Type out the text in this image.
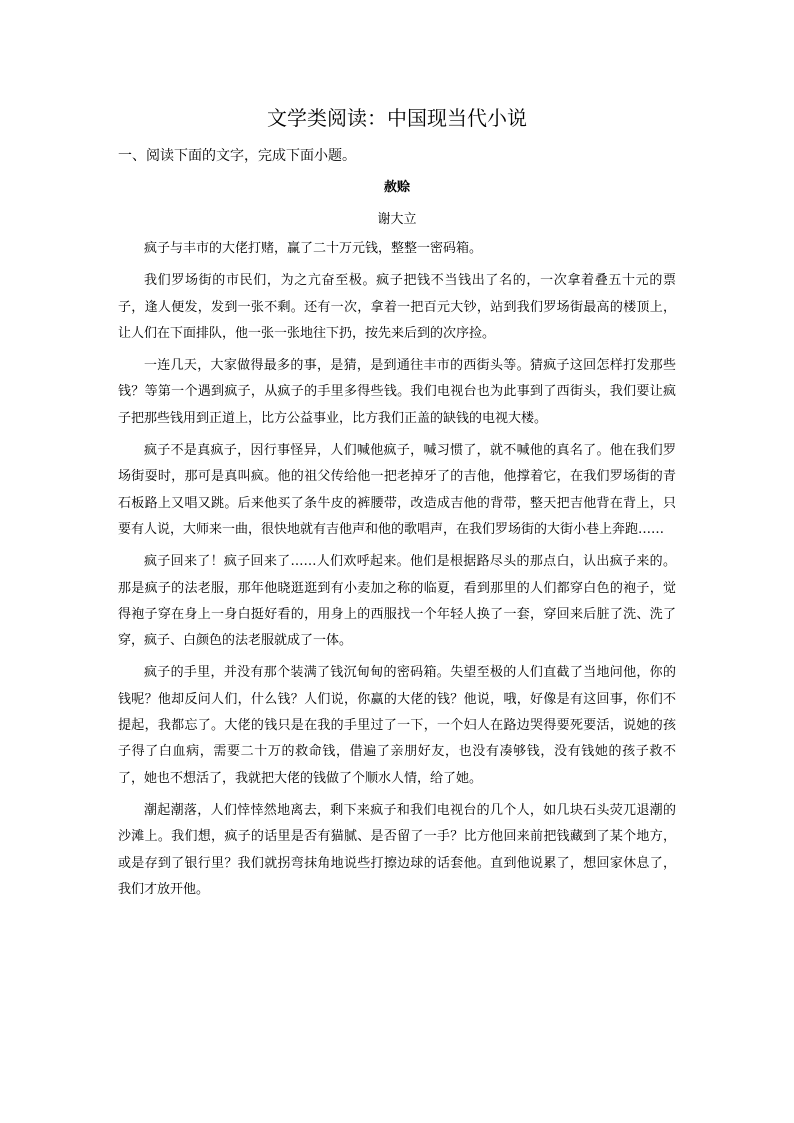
文学类阅读：中国现当代小说
一、阅读下面的文字，完成下面小题。
赦赊
谢大立

疯子与丰市的大佬打赌，赢了二十万元钱，整整一密码箱。

我们罗场街的市民们，为之亢奋至极。疯子把钱不当钱出了名的，一次拿着叠五十元的票子，逢人便发，发到一张不剩。还有一次，拿着一把百元大钞，站到我们罗场街最高的楼顶上，让人们在下面排队，他一张一张地往下扔，按先来后到的次序捡。

一连几天，大家做得最多的事，是猜，是到通往丰市的西街头等。猜疯子这回怎样打发那些钱？等第一个遇到疯子，从疯子的手里多得些钱。我们电视台也为此事到了西街头，我们要让疯子把那些钱用到正道上，比方公益事业，比方我们正盖的缺钱的电视大楼。

疯子不是真疯子，因行事怪异，人们喊他疯子，喊习惯了，就不喊他的真名了。他在我们罗场街耍时，那可是真叫疯。他的祖父传给他一把老掉牙了的吉他，他撑着它，在我们罗场街的青石板路上又唱又跳。后来他买了条牛皮的裤腰带，改造成吉他的背带，整天把吉他背在背上，只要有人说，大师来一曲，很快地就有吉他声和他的歌唱声，在我们罗场街的大街小巷上奔跑……

疯子回来了！疯子回来了……人们欢呼起来。他们是根据路尽头的那点白，认出疯子来的。那是疯子的法老服，那年他晓逛逛到有小麦加之称的临夏，看到那里的人们都穿白色的袍子，觉得袍子穿在身上一身白挺好看的，用身上的西服找一个年轻人换了一套，穿回来后脏了洗、洗了穿，疯子、白颜色的法老服就成了一体。

疯子的手里，并没有那个装满了钱沉甸甸的密码箱。失望至极的人们直截了当地问他，你的钱呢？他却反问人们，什么钱？人们说，你赢的大佬的钱？他说，哦，好像是有这回事，你们不提起，我都忘了。大佬的钱只是在我的手里过了一下，一个妇人在路边哭得要死要活，说她的孩子得了白血病，需要二十万的救命钱，借遍了亲朋好友，也没有凑够钱，没有钱她的孩子救不了，她也不想活了，我就把大佬的钱做了个顺水人情，给了她。

潮起潮落，人们悻悻然地离去，剩下来疯子和我们电视台的几个人，如几块石头荧兀退潮的沙滩上。我们想，疯子的话里是否有猫腻、是否留了一手？比方他回来前把钱藏到了某个地方，或是存到了银行里？我们就拐弯抹角地说些打擦边球的话套他。直到他说累了，想回家休息了，我们才放开他。
